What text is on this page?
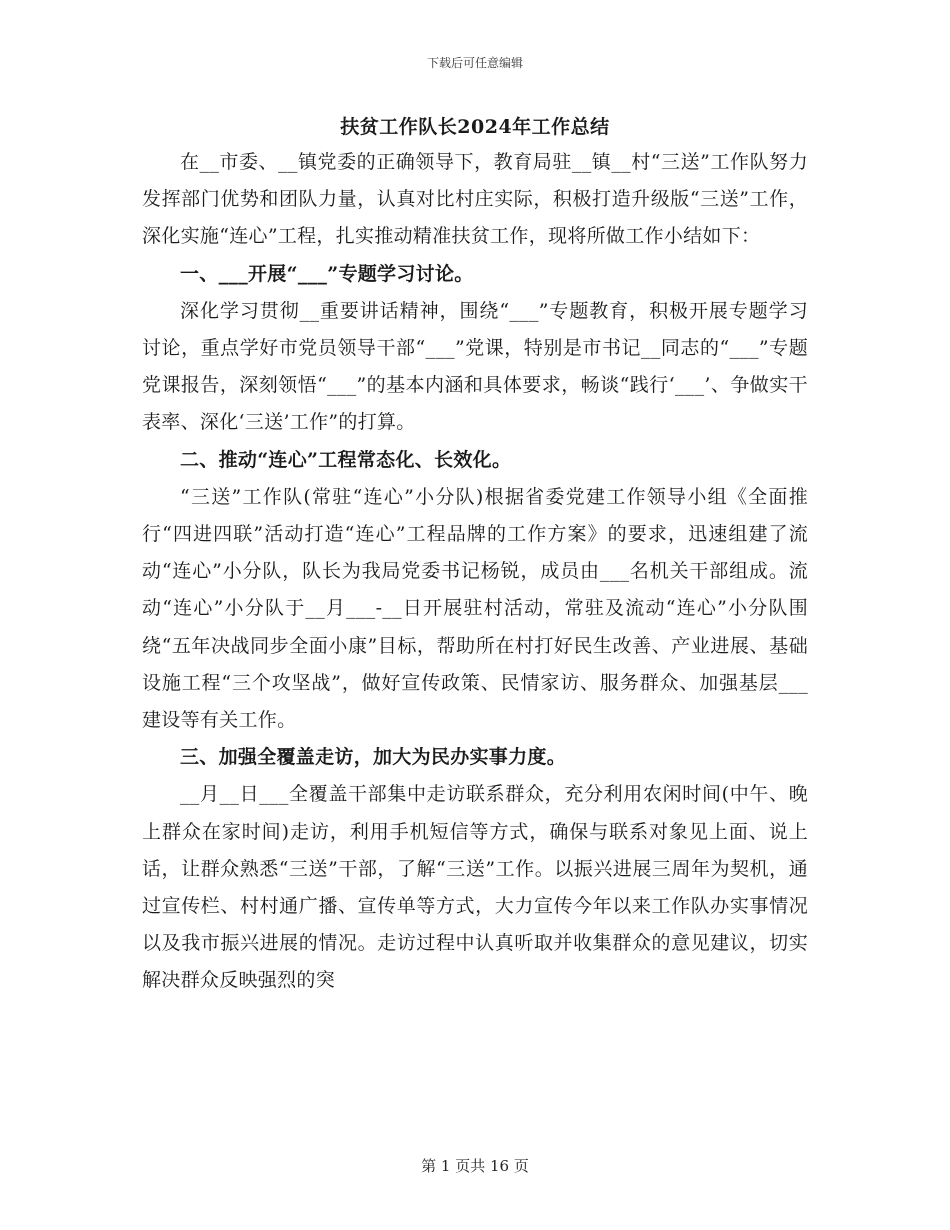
下载后可任意编辑
扶贫工作队长2024年工作总结

在__市委、__镇党委的正确领导下，教育局驻__镇__村“三送”工作队努力发挥部门优势和团队力量，认真对比村庄实际，积极打造升级版“三送”工作，深化实施“连心”工程，扎实推动精准扶贫工作，现将所做工作小结如下：

一、___开展“___”专题学习讨论。

深化学习贯彻__重要讲话精神，围绕“___”专题教育，积极开展专题学习讨论，重点学好市党员领导干部“___”党课，特别是市书记__同志的“___”专题党课报告，深刻领悟“___”的基本内涵和具体要求，畅谈“践行‘___’、争做实干表率、深化‘三送’工作”的打算。

二、推动“连心”工程常态化、长效化。

“三送”工作队(常驻“连心”小分队)根据省委党建工作领导小组《全面推行“四进四联”活动打造“连心”工程品牌的工作方案》的要求，迅速组建了流动“连心”小分队，队长为我局党委书记杨锐，成员由___名机关干部组成。流动“连心”小分队于__月___-__日开展驻村活动，常驻及流动“连心”小分队围绕“五年决战同步全面小康”目标，帮助所在村打好民生改善、产业进展、基础设施工程“三个攻坚战”，做好宣传政策、民情家访、服务群众、加强基层___建设等有关工作。

三、加强全覆盖走访，加大为民办实事力度。

__月__日___全覆盖干部集中走访联系群众，充分利用农闲时间(中午、晚上群众在家时间)走访，利用手机短信等方式，确保与联系对象见上面、说上话，让群众熟悉“三送”干部，了解“三送”工作。以振兴进展三周年为契机，通过宣传栏、村村通广播、宣传单等方式，大力宣传今年以来工作队办实事情况以及我市振兴进展的情况。走访过程中认真听取并收集群众的意见建议，切实解决群众反映强烈的突

第 1 页共 16 页
